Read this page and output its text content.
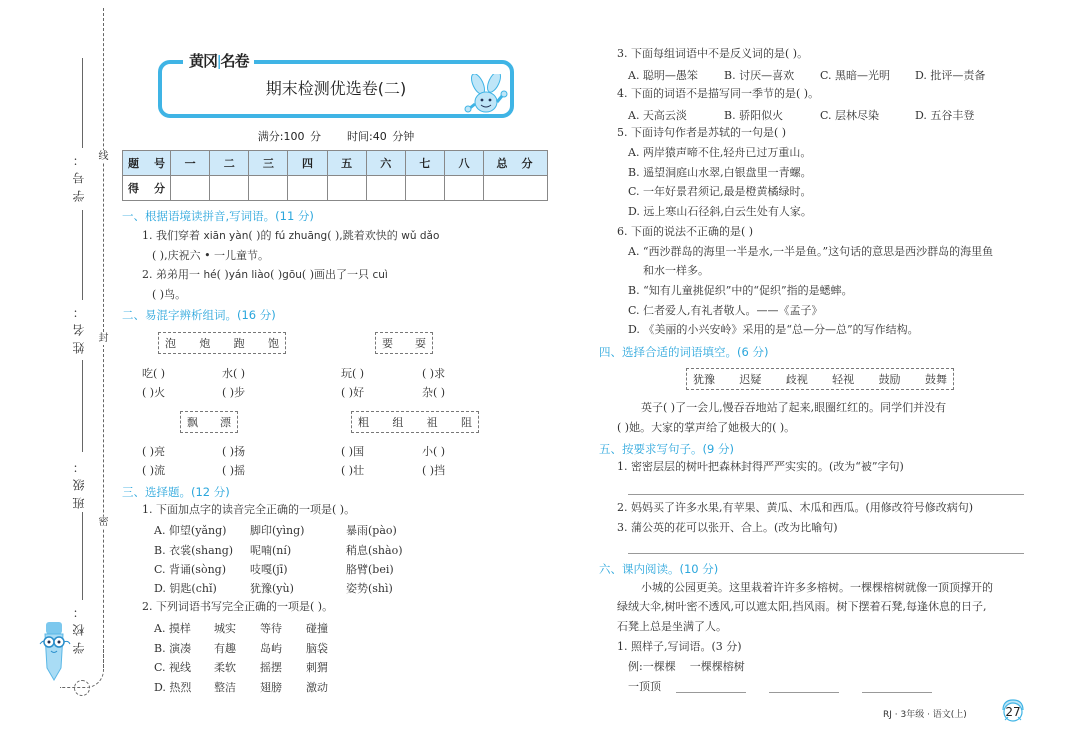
线
封
密
学号：
姓名：
班级：
学校：
黄冈ǀ名卷
期末检测优选卷(二)
满分:100 分 时间:40 分钟
题号	一	二	三	四	五	六	七	八	总分
得分									
一、根据语境读拼音,写词语。(11 分)
1. 我们穿着 xiān yàn( )的 fú zhuāng( ),跳着欢快的 wǔ dǎo
( ),庆祝六 • 一儿童节。
2. 弟弟用一 hé( )yán liào( )gōu( )画出了一只 cuì
( )鸟。
二、易混字辨析组词。(16 分)
泡 炮 跑 饱
吃( )	水( )
( )火	( )步
要 耍
玩( )	( )求
( )好	杂( )
飘 漂
( )亮	( )扬
( )流	( )摇
粗 组 祖 阻
( )国	小( )
( )壮	( )挡
三、选择题。(12 分)
1. 下面加点字的读音完全正确的一项是( )。
A. 仰望(yǎng)	脚印(yìng)	暴雨(pào)
B. 衣裳(shang)	呢喃(ní)	稍息(shào)
C. 背诵(sòng)	吱嘎(jī)	胳臂(bei)
D. 钥匙(chǐ)	犹豫(yù)	姿势(shì)
2. 下列词语书写完全正确的一项是( )。
A. 摸样	城实	等待	碰撞
B. 演凑	有趣	岛屿	脑袋
C. 视线	柔软	摇摆	刺猬
D. 热烈	整洁	翅膀	激动
3. 下面每组词语中不是反义词的是( )。
A. 聪明—愚笨	B. 讨厌—喜欢	C. 黑暗—光明	D. 批评—责备
4. 下面的词语不是描写同一季节的是( )。
A. 天高云淡	B. 骄阳似火	C. 层林尽染	D. 五谷丰登
5. 下面诗句作者是苏轼的一句是( )
A. 两岸猿声啼不住,轻舟已过万重山。
B. 遥望洞庭山水翠,白银盘里一青螺。
C. 一年好景君须记,最是橙黄橘绿时。
D. 远上寒山石径斜,白云生处有人家。
6. 下面的说法不正确的是( )
A. “西沙群岛的海里一半是水,一半是鱼。”这句话的意思是西沙群岛的海里鱼
和水一样多。
B. “知有儿童挑促织”中的“促织”指的是蟋蟀。
C. 仁者爱人,有礼者敬人。——《孟子》
D. 《美丽的小兴安岭》采用的是“总—分—总”的写作结构。
四、选择合适的词语填空。(6 分)
犹豫 迟疑 歧视 轻视 鼓励 鼓舞
英子( )了一会儿,慢吞吞地站了起来,眼圈红红的。同学们并没有
( )她。大家的掌声给了她极大的( )。
五、按要求写句子。(9 分)
1. 密密层层的树叶把森林封得严严实实的。(改为“被”字句)
2. 妈妈买了许多水果,有苹果、黄瓜、木瓜和西瓜。(用修改符号修改病句)
3. 蒲公英的花可以张开、合上。(改为比喻句)
六、课内阅读。(10 分)
小城的公园更美。这里栽着许许多多榕树。一棵棵榕树就像一顶顶撑开的
绿绒大伞,树叶密不透风,可以遮太阳,挡风雨。树下摆着石凳,每逢休息的日子,
石凳上总是坐满了人。
1. 照样子,写词语。(3 分)
例:一棵棵 一棵棵榕树
一顶顶
RJ · 3年级 · 语文(上)	27
